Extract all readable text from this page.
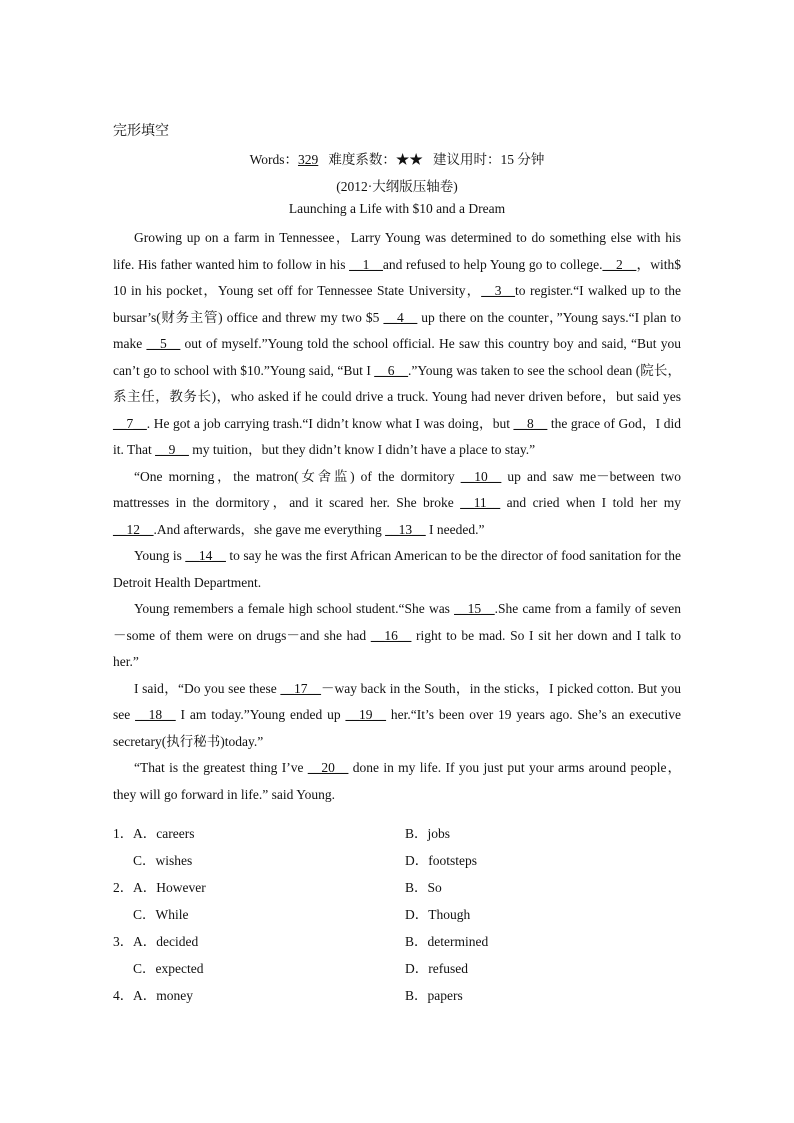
完形填空
Words：329 难度系数：★★ 建议用时：15 分钟
(2012·大纲版压轴卷)
Launching a Life with $10 and a Dream

Growing up on a farm in Tennessee，Larry Young was determined to do something else with his life. His father wanted him to follow in his __1__and refused to help Young go to college.__2__，with$ 10 in his pocket，Young set off for Tennessee State University，__3__to register.“I walked up to the bursar’s(财务主管) office and threw my two $5 __4__ up there on the counter，”Young says.“I plan to make __5__ out of myself.”Young told the school official. He saw this country boy and said, “But you can’t go to school with $10.”Young said, “But I __6__.”Young was taken to see the school dean (院长，系主任，教务长)，who asked if he could drive a truck. Young had never driven before，but said yes __7__. He got a job carrying trash.“I didn’t know what I was doing，but __8__ the grace of God，I did it. That __9__ my tuition，but they didn’t know I didn’t have a place to stay.”

“One morning，the matron(女舍监) of the dormitory __10__ up and saw me－between two mattresses in the dormitory，and it scared her. She broke __11__ and cried when I told her my __12__.And afterwards，she gave me everything __13__ I needed.”

Young is __14__ to say he was the first African American to be the director of food sanitation for the Detroit Health Department.

Young remembers a female high school student.“She was __15__.She came from a family of seven－some of them were on drugs－and she had __16__ right to be mad. So I sit her down and I talk to her.”

I said，“Do you see these __17__－way back in the South，in the sticks，I picked cotton. But you see __18__ I am today.”Young ended up __19__ her.“It’s been over 19 years ago. She’s an executive secretary(执行秘书)today.”

“That is the greatest thing I’ve __20__ done in my life. If you just put your arms around people，they will go forward in life.” said Young.

1．A．careers	B．jobs
C．wishes	D．footsteps
2．A．However	B．So
C．While	D．Though
3．A．decided	B．determined
C．expected	D．refused
4．A．money	B．papers
